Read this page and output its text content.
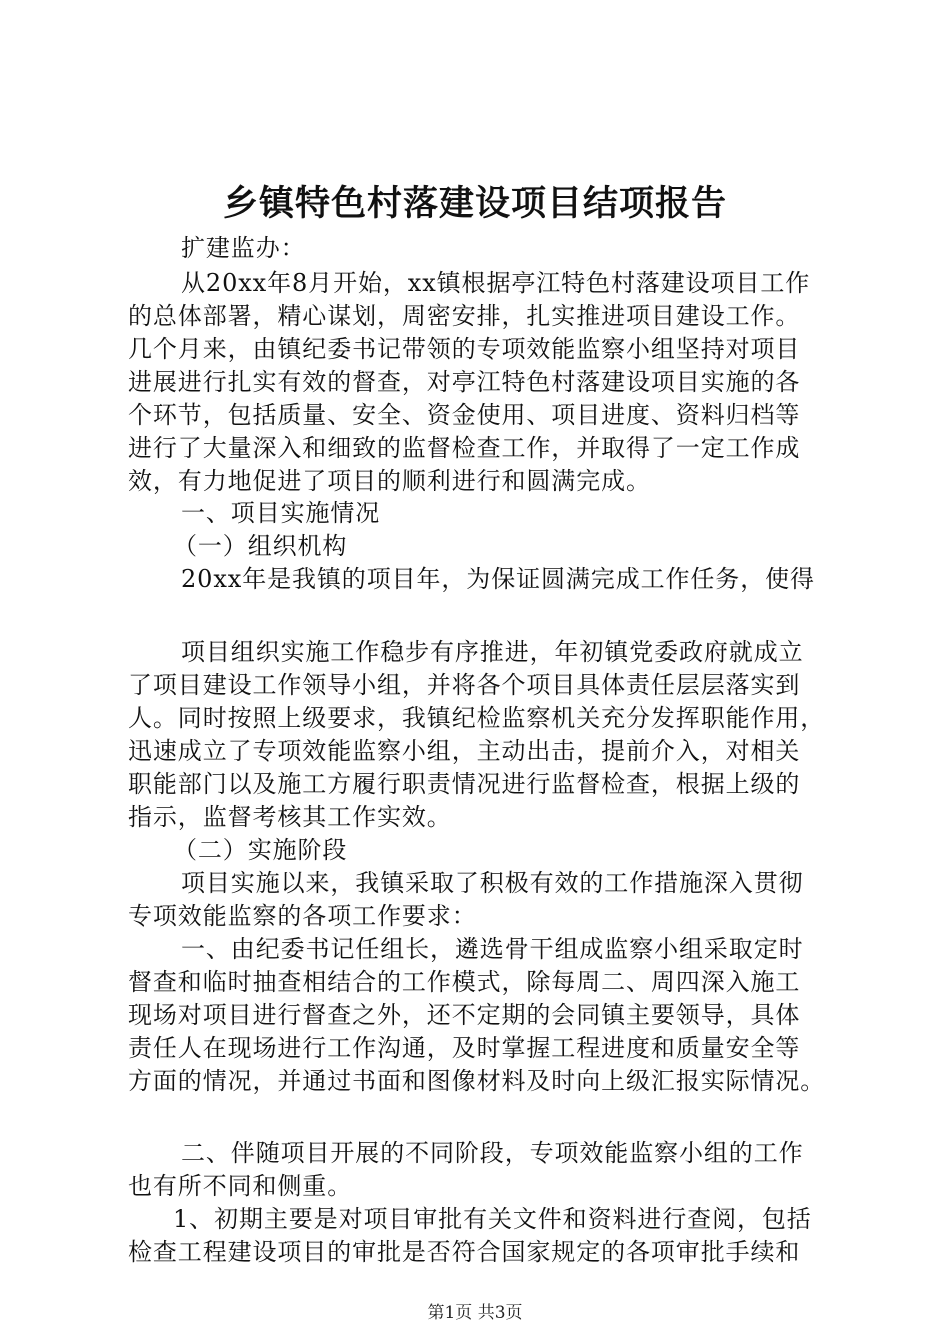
乡镇特色村落建设项目结项报告
扩建监办：
从20xx年8月开始，xx镇根据亭江特色村落建设项目工作
的总体部署，精心谋划，周密安排，扎实推进项目建设工作。
几个月来，由镇纪委书记带领的专项效能监察小组坚持对项目
进展进行扎实有效的督查，对亭江特色村落建设项目实施的各
个环节，包括质量、安全、资金使用、项目进度、资料归档等
进行了大量深入和细致的监督检查工作，并取得了一定工作成
效，有力地促进了项目的顺利进行和圆满完成。
一、项目实施情况
（一）组织机构
20xx年是我镇的项目年，为保证圆满完成工作任务，使得
项目组织实施工作稳步有序推进，年初镇党委政府就成立
了项目建设工作领导小组，并将各个项目具体责任层层落实到
人。同时按照上级要求，我镇纪检监察机关充分发挥职能作用，
迅速成立了专项效能监察小组，主动出击，提前介入，对相关
职能部门以及施工方履行职责情况进行监督检查，根据上级的
指示，监督考核其工作实效。
（二）实施阶段
项目实施以来，我镇采取了积极有效的工作措施深入贯彻
专项效能监察的各项工作要求：
一、由纪委书记任组长，遴选骨干组成监察小组采取定时
督查和临时抽查相结合的工作模式，除每周二、周四深入施工
现场对项目进行督查之外，还不定期的会同镇主要领导，具体
责任人在现场进行工作沟通，及时掌握工程进度和质量安全等
方面的情况，并通过书面和图像材料及时向上级汇报实际情况。
二、伴随项目开展的不同阶段，专项效能监察小组的工作
也有所不同和侧重。
1、初期主要是对项目审批有关文件和资料进行查阅，包括
检查工程建设项目的审批是否符合国家规定的各项审批手续和
第1页 共3页
